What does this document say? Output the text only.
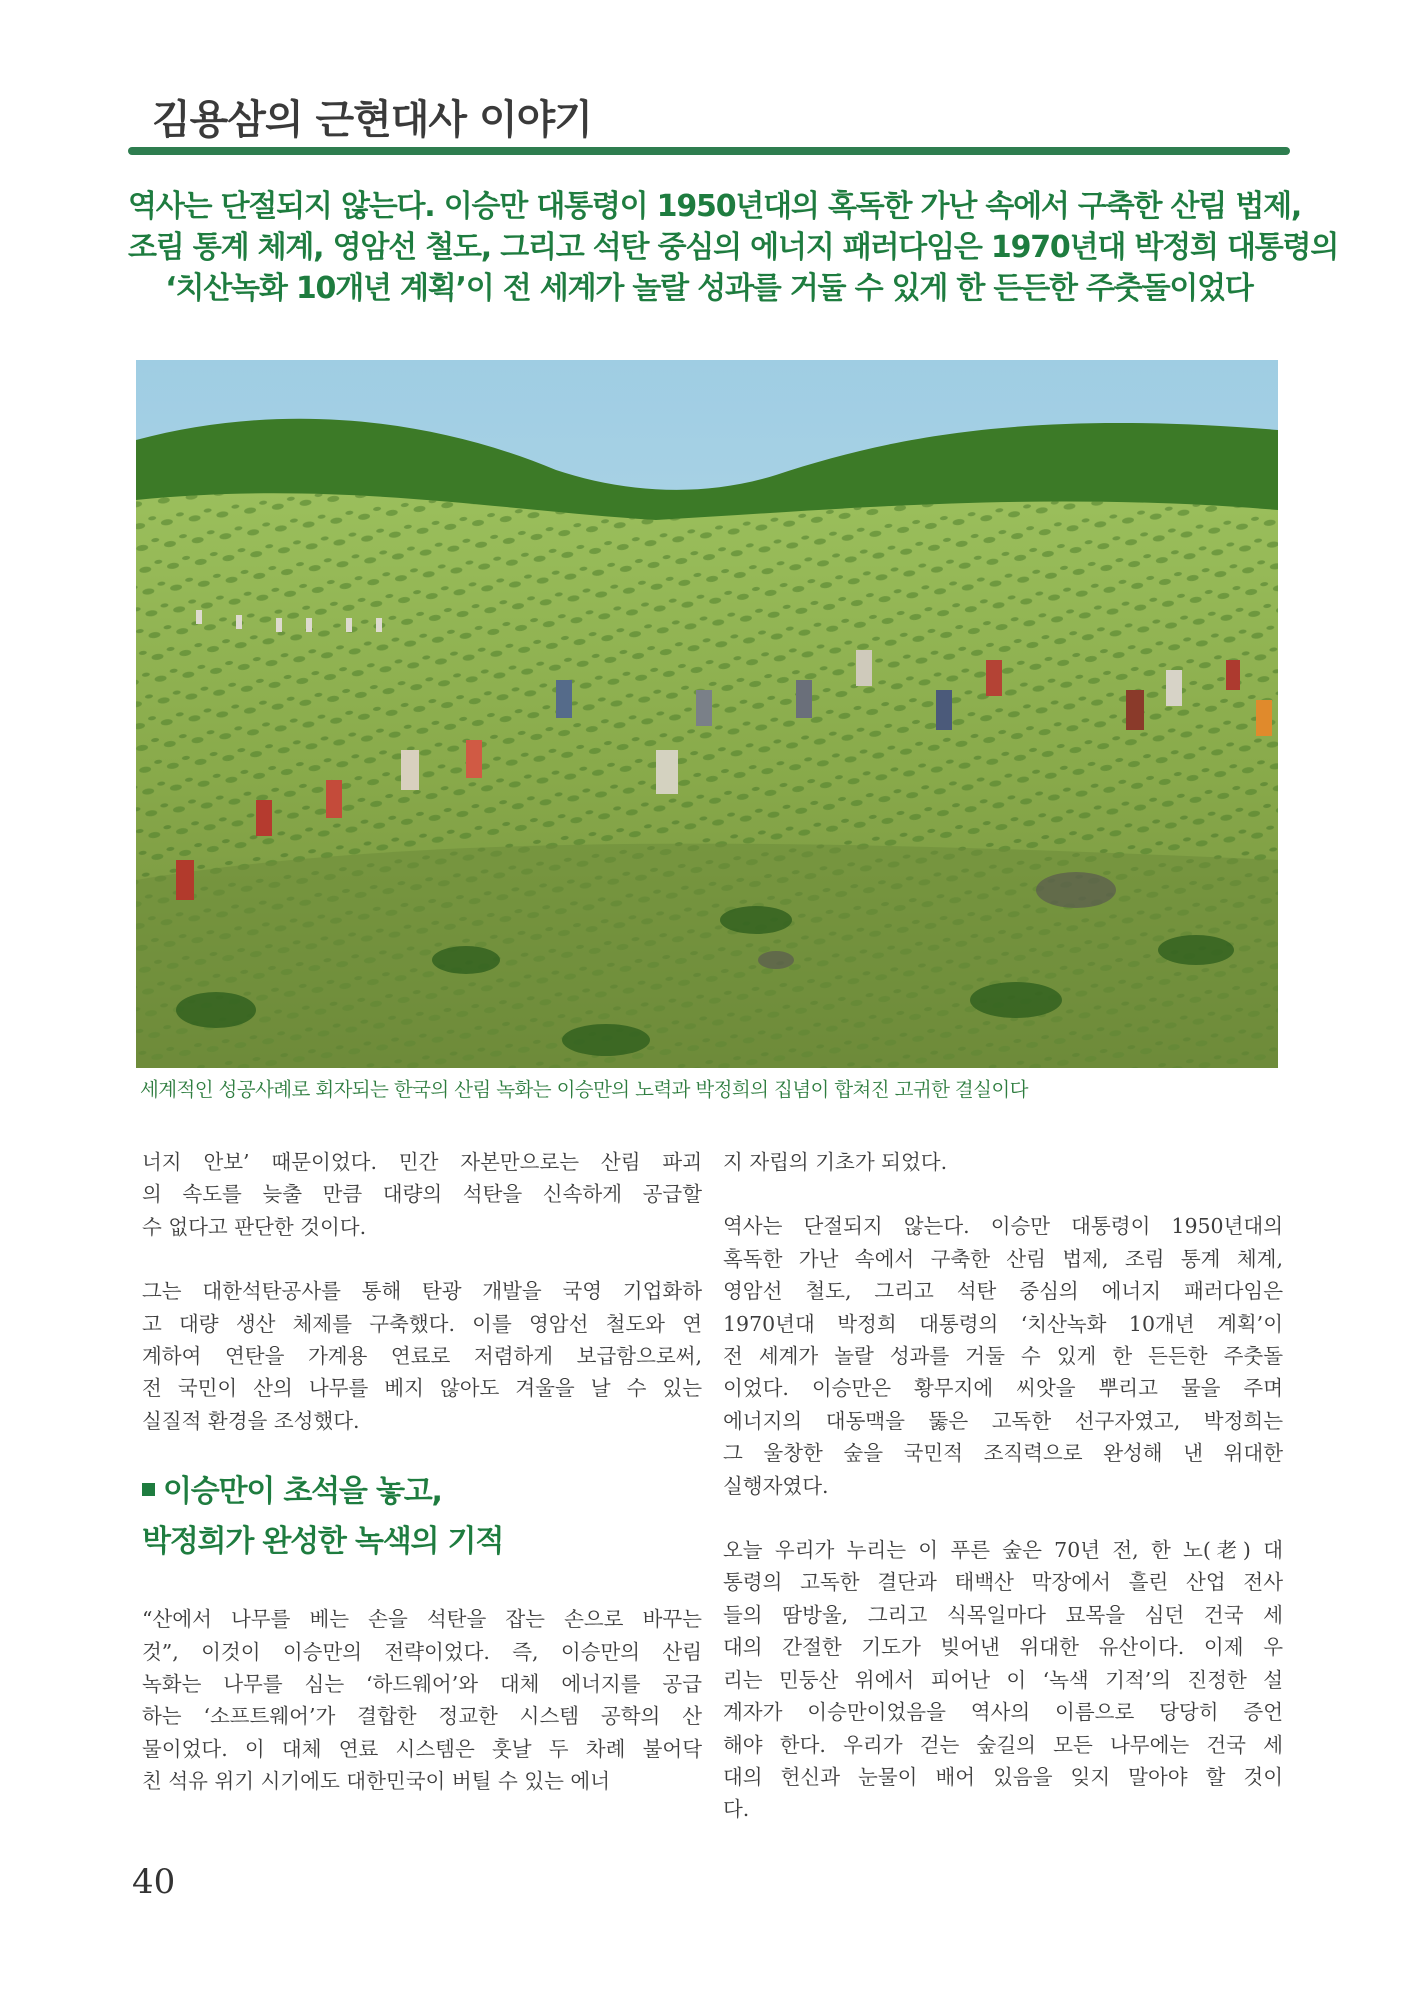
김용삼의 근현대사 이야기
역사는 단절되지 않는다. 이승만 대통령이 1950년대의 혹독한 가난 속에서 구축한 산림 법제,
조림 통계 체계, 영암선 철도, 그리고 석탄 중심의 에너지 패러다임은 1970년대 박정희 대통령의
‘치산녹화 10개년 계획’이 전 세계가 놀랄 성과를 거둘 수 있게 한 든든한 주춧돌이었다
세계적인 성공사례로 회자되는 한국의 산림 녹화는 이승만의 노력과 박정희의 집념이 합쳐진 고귀한 결실이다
너지 안보’ 때문이었다. 민간 자본만으로는 산림 파괴
의 속도를 늦출 만큼 대량의 석탄을 신속하게 공급할
수 없다고 판단한 것이다.
그는 대한석탄공사를 통해 탄광 개발을 국영 기업화하
고 대량 생산 체제를 구축했다. 이를 영암선 철도와 연
계하여 연탄을 가계용 연료로 저렴하게 보급함으로써,
전 국민이 산의 나무를 베지 않아도 겨울을 날 수 있는
실질적 환경을 조성했다.
이승만이 초석을 놓고,
박정희가 완성한 녹색의 기적
“산에서 나무를 베는 손을 석탄을 잡는 손으로 바꾸는
것”, 이것이 이승만의 전략이었다. 즉, 이승만의 산림
녹화는 나무를 심는 ‘하드웨어’와 대체 에너지를 공급
하는 ‘소프트웨어’가 결합한 정교한 시스템 공학의 산
물이었다. 이 대체 연료 시스템은 훗날 두 차례 불어닥
친 석유 위기 시기에도 대한민국이 버틸 수 있는 에너
지 자립의 기초가 되었다.
역사는 단절되지 않는다. 이승만 대통령이 1950년대의
혹독한 가난 속에서 구축한 산림 법제, 조림 통계 체계,
영암선 철도, 그리고 석탄 중심의 에너지 패러다임은
1970년대 박정희 대통령의 ‘치산녹화 10개년 계획’이
전 세계가 놀랄 성과를 거둘 수 있게 한 든든한 주춧돌
이었다. 이승만은 황무지에 씨앗을 뿌리고 물을 주며
에너지의 대동맥을 뚫은 고독한 선구자였고, 박정희는
그 울창한 숲을 국민적 조직력으로 완성해 낸 위대한
실행자였다.
오늘 우리가 누리는 이 푸른 숲은 70년 전, 한 노(老) 대
통령의 고독한 결단과 태백산 막장에서 흘린 산업 전사
들의 땀방울, 그리고 식목일마다 묘목을 심던 건국 세
대의 간절한 기도가 빚어낸 위대한 유산이다. 이제 우
리는 민둥산 위에서 피어난 이 ‘녹색 기적’의 진정한 설
계자가 이승만이었음을 역사의 이름으로 당당히 증언
해야 한다. 우리가 걷는 숲길의 모든 나무에는 건국 세
대의 헌신과 눈물이 배어 있음을 잊지 말아야 할 것이
다.
40
